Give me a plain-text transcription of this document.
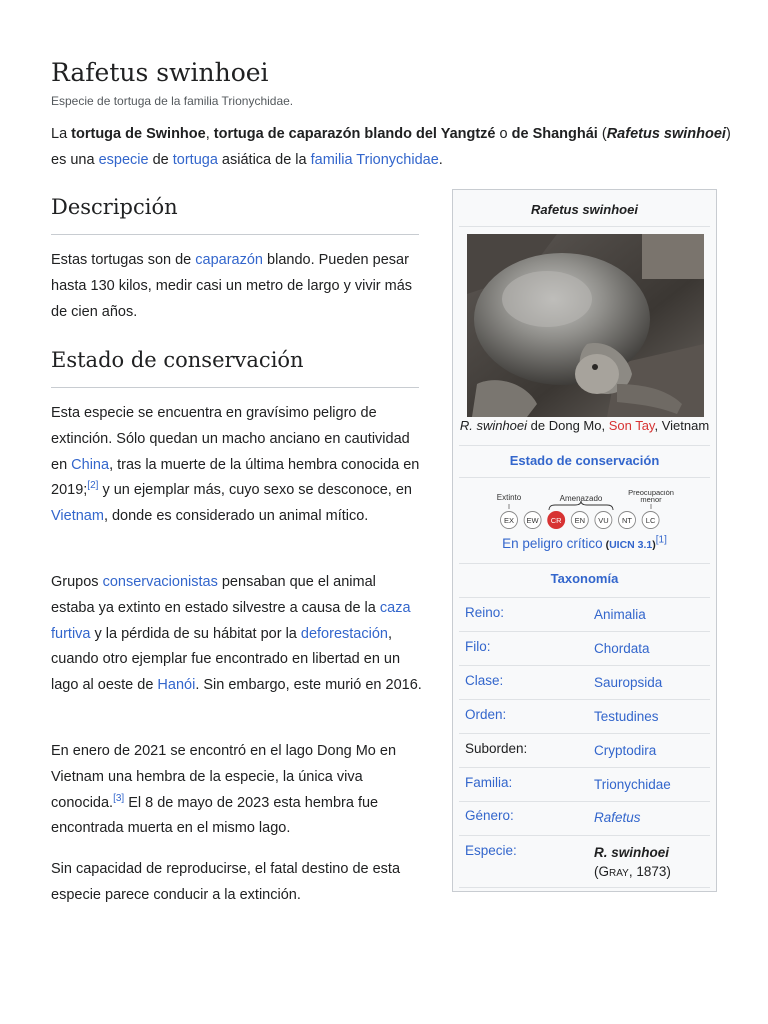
Rafetus swinhoei
Especie de tortuga de la familia Trionychidae.

La tortuga de Swinhoe, tortuga de caparazón blando del Yangtzé o de Shanghái (Rafetus swinhoei) es una especie de tortuga asiática de la familia Trionychidae.

Descripción

Estas tortugas son de caparazón blando. Pueden pesar hasta 130 kilos, medir casi un metro de largo y vivir más de cien años.

Estado de conservación

Esta especie se encuentra en gravísimo peligro de extinción. Sólo quedan un macho anciano en cautividad en China, tras la muerte de la última hembra conocida en 2019;[2] y un ejemplar más, cuyo sexo se desconoce, en Vietnam, donde es considerado un animal mítico.

Grupos conservacionistas pensaban que el animal estaba ya extinto en estado silvestre a causa de la caza furtiva y la pérdida de su hábitat por la deforestación, cuando otro ejemplar fue encontrado en libertad en un lago al oeste de Hanói. Sin embargo, este murió en 2016.

En enero de 2021 se encontró en el lago Dong Mo en Vietnam una hembra de la especie, la única viva conocida.[3] El 8 de mayo de 2023 esta hembra fue encontrada muerta en el mismo lago.

Sin capacidad de reproducirse, el fatal destino de esta especie parece conducir a la extinción.

Rafetus swinhoei
R. swinhoei de Dong Mo, Son Tay, Vietnam
Estado de conservación
Extinto	Amenazado
Preocupación
menor
EX EW CR EN VU NT LC
En peligro crítico (UICN 3.1)[1]
Taxonomía
Reino:	Animalia
Filo:	Chordata
Clase:	Sauropsida
Orden:	Testudines
Suborden:	Cryptodira
Familia:	Trionychidae
Género:	Rafetus
Especie:	R. swinhoei
(GRAY, 1873)
